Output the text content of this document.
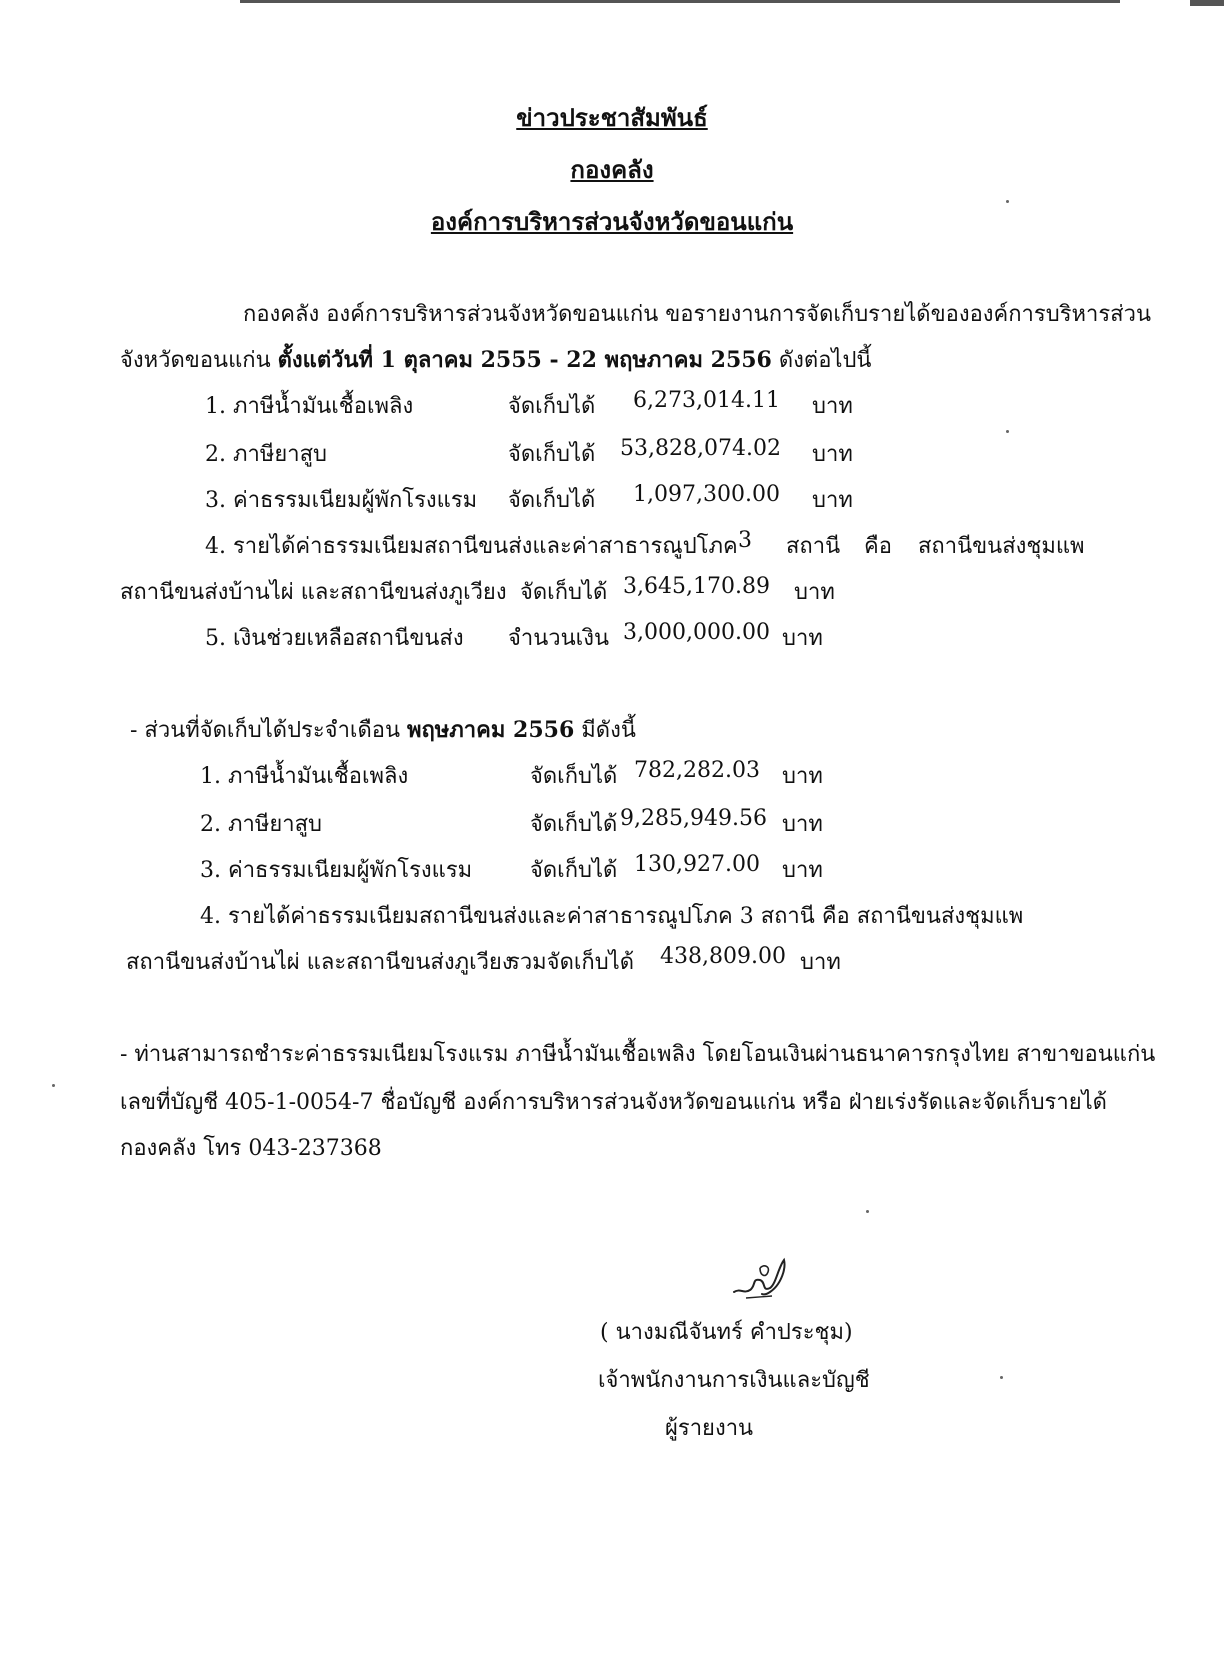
ข่าวประชาสัมพันธ์
กองคลัง
องค์การบริหารส่วนจังหวัดขอนแก่น
กองคลัง องค์การบริหารส่วนจังหวัดขอนแก่น ขอรายงานการจัดเก็บรายได้ขององค์การบริหารส่วน
จังหวัดขอนแก่น ตั้งแต่วันที่ 1 ตุลาคม 2555 - 22 พฤษภาคม 2556 ดังต่อไปนี้
1. ภาษีน้ำมันเชื้อเพลิง	จัดเก็บได้	6,273,014.11 บาท
2. ภาษียาสูบ	จัดเก็บได้ 53,828,074.02 บาท
3. ค่าธรรมเนียมผู้พักโรงแรม จัดเก็บได้	1,097,300.00 บาท
4. รายได้ค่าธรรมเนียมสถานีขนส่งและค่าสาธารณูปโภค 3 สถานี คือ สถานีขนส่งชุมแพ
สถานีขนส่งบ้านไผ่ และสถานีขนส่งภูเวียง จัดเก็บได้ 3,645,170.89 บาท
5. เงินช่วยเหลือสถานีขนส่ง จำนวนเงิน 3,000,000.00 บาท
- ส่วนที่จัดเก็บได้ประจำเดือน พฤษภาคม 2556 มีดังนี้
1. ภาษีน้ำมันเชื้อเพลิง	จัดเก็บได้ 782,282.03 บาท
2. ภาษียาสูบ	จัดเก็บได้ 9,285,949.56 บาท
3. ค่าธรรมเนียมผู้พักโรงแรม	จัดเก็บได้ 130,927.00 บาท
4. รายได้ค่าธรรมเนียมสถานีขนส่งและค่าสาธารณูปโภค 3 สถานี คือ สถานีขนส่งชุมแพ
สถานีขนส่งบ้านไผ่ และสถานีขนส่งภูเวียง
รวมจัดเก็บได้ 438,809.00 บาท
- ท่านสามารถชำระค่าธรรมเนียมโรงแรม ภาษีน้ำมันเชื้อเพลิง โดยโอนเงินผ่านธนาคารกรุงไทย สาขาขอนแก่น
เลขที่บัญชี 405-1-0054-7 ชื่อบัญชี องค์การบริหารส่วนจังหวัดขอนแก่น หรือ ฝ่ายเร่งรัดและจัดเก็บรายได้
กองคลัง โทร 043-237368
( นางมณีจันทร์ คำประชุม)
เจ้าพนักงานการเงินและบัญชี
ผู้รายงาน
